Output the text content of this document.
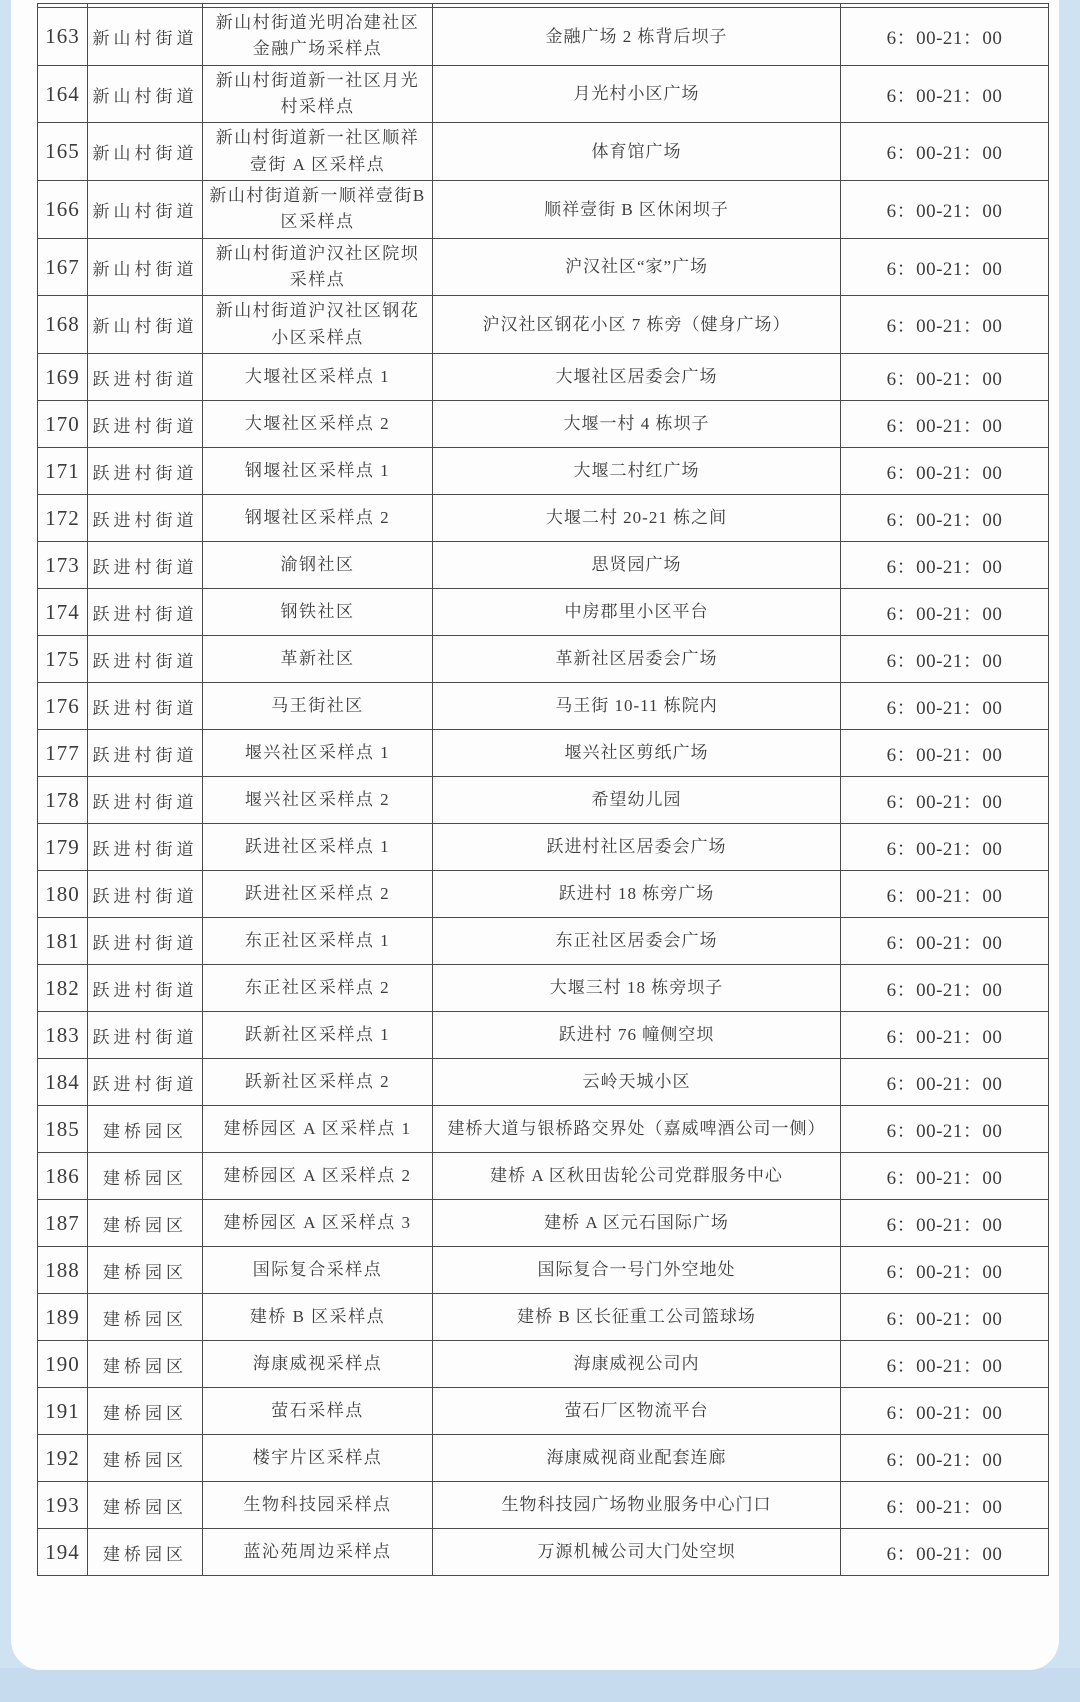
163	新山村街道	新山村街道光明冶建社区金融广场采样点	金融广场 2 栋背后坝子	6：00-21：00
164	新山村街道	新山村街道新一社区月光村采样点	月光村小区广场	6：00-21：00
165	新山村街道	新山村街道新一社区顺祥壹街 A 区采样点	体育馆广场	6：00-21：00
166	新山村街道	新山村街道新一顺祥壹街B区采样点	顺祥壹街 B 区休闲坝子	6：00-21：00
167	新山村街道	新山村街道沪汉社区院坝采样点	沪汉社区“家”广场	6：00-21：00
168	新山村街道	新山村街道沪汉社区钢花小区采样点	沪汉社区钢花小区 7 栋旁（健身广场）	6：00-21：00
169	跃进村街道	大堰社区采样点 1	大堰社区居委会广场	6：00-21：00
170	跃进村街道	大堰社区采样点 2	大堰一村 4 栋坝子	6：00-21：00
171	跃进村街道	钢堰社区采样点 1	大堰二村红广场	6：00-21：00
172	跃进村街道	钢堰社区采样点 2	大堰二村 20-21 栋之间	6：00-21：00
173	跃进村街道	渝钢社区	思贤园广场	6：00-21：00
174	跃进村街道	钢铁社区	中房郡里小区平台	6：00-21：00
175	跃进村街道	革新社区	革新社区居委会广场	6：00-21：00
176	跃进村街道	马王街社区	马王街 10-11 栋院内	6：00-21：00
177	跃进村街道	堰兴社区采样点 1	堰兴社区剪纸广场	6：00-21：00
178	跃进村街道	堰兴社区采样点 2	希望幼儿园	6：00-21：00
179	跃进村街道	跃进社区采样点 1	跃进村社区居委会广场	6：00-21：00
180	跃进村街道	跃进社区采样点 2	跃进村 18 栋旁广场	6：00-21：00
181	跃进村街道	东正社区采样点 1	东正社区居委会广场	6：00-21：00
182	跃进村街道	东正社区采样点 2	大堰三村 18 栋旁坝子	6：00-21：00
183	跃进村街道	跃新社区采样点 1	跃进村 76 幢侧空坝	6：00-21：00
184	跃进村街道	跃新社区采样点 2	云岭天城小区	6：00-21：00
185	建桥园区	建桥园区 A 区采样点 1	建桥大道与银桥路交界处（嘉威啤酒公司一侧）	6：00-21：00
186	建桥园区	建桥园区 A 区采样点 2	建桥 A 区秋田齿轮公司党群服务中心	6：00-21：00
187	建桥园区	建桥园区 A 区采样点 3	建桥 A 区元石国际广场	6：00-21：00
188	建桥园区	国际复合采样点	国际复合一号门外空地处	6：00-21：00
189	建桥园区	建桥 B 区采样点	建桥 B 区长征重工公司篮球场	6：00-21：00
190	建桥园区	海康威视采样点	海康威视公司内	6：00-21：00
191	建桥园区	萤石采样点	萤石厂区物流平台	6：00-21：00
192	建桥园区	楼宇片区采样点	海康威视商业配套连廊	6：00-21：00
193	建桥园区	生物科技园采样点	生物科技园广场物业服务中心门口	6：00-21：00
194	建桥园区	蓝沁苑周边采样点	万源机械公司大门处空坝	6：00-21：00
